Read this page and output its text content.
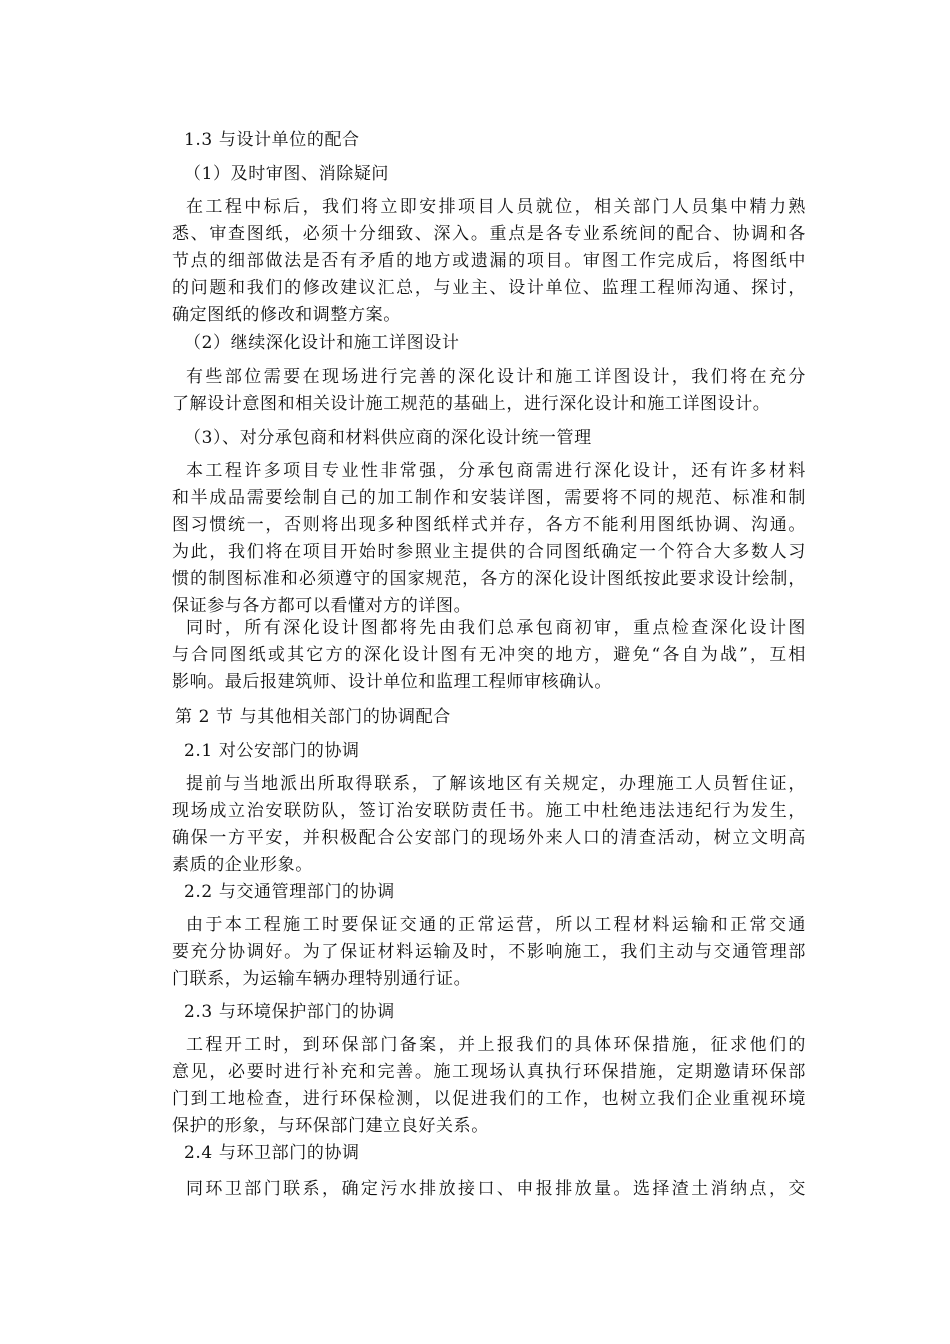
1.3 与设计单位的配合
（1）及时审图、消除疑问

在工程中标后，我们将立即安排项目人员就位，相关部门人员集中精力熟

悉、审查图纸，必须十分细致、深入。重点是各专业系统间的配合、协调和各

节点的细部做法是否有矛盾的地方或遗漏的项目。审图工作完成后，将图纸中

的问题和我们的修改建议汇总，与业主、设计单位、监理工程师沟通、探讨，

确定图纸的修改和调整方案。

（2）继续深化设计和施工详图设计

有些部位需要在现场进行完善的深化设计和施工详图设计，我们将在充分

了解设计意图和相关设计施工规范的基础上，进行深化设计和施工详图设计。

（3）、对分承包商和材料供应商的深化设计统一管理

本工程许多项目专业性非常强，分承包商需进行深化设计，还有许多材料

和半成品需要绘制自己的加工制作和安装详图，需要将不同的规范、标准和制

图习惯统一，否则将出现多种图纸样式并存，各方不能利用图纸协调、沟通。

为此，我们将在项目开始时参照业主提供的合同图纸确定一个符合大多数人习

惯的制图标准和必须遵守的国家规范，各方的深化设计图纸按此要求设计绘制，

保证参与各方都可以看懂对方的详图。

同时，所有深化设计图都将先由我们总承包商初审，重点检查深化设计图

与合同图纸或其它方的深化设计图有无冲突的地方，避免“各自为战”，互相

影响。最后报建筑师、设计单位和监理工程师审核确认。

第 2 节 与其他相关部门的协调配合
2.1 对公安部门的协调

提前与当地派出所取得联系，了解该地区有关规定，办理施工人员暂住证，

现场成立治安联防队，签订治安联防责任书。施工中杜绝违法违纪行为发生，

确保一方平安，并积极配合公安部门的现场外来人口的清查活动，树立文明高

素质的企业形象。

2.2 与交通管理部门的协调

由于本工程施工时要保证交通的正常运营，所以工程材料运输和正常交通

要充分协调好。为了保证材料运输及时，不影响施工，我们主动与交通管理部

门联系，为运输车辆办理特别通行证。

2.3 与环境保护部门的协调

工程开工时，到环保部门备案，并上报我们的具体环保措施，征求他们的

意见，必要时进行补充和完善。施工现场认真执行环保措施，定期邀请环保部

门到工地检查，进行环保检测，以促进我们的工作，也树立我们企业重视环境

保护的形象，与环保部门建立良好关系。

2.4 与环卫部门的协调

同环卫部门联系，确定污水排放接口、申报排放量。选择渣土消纳点，交
